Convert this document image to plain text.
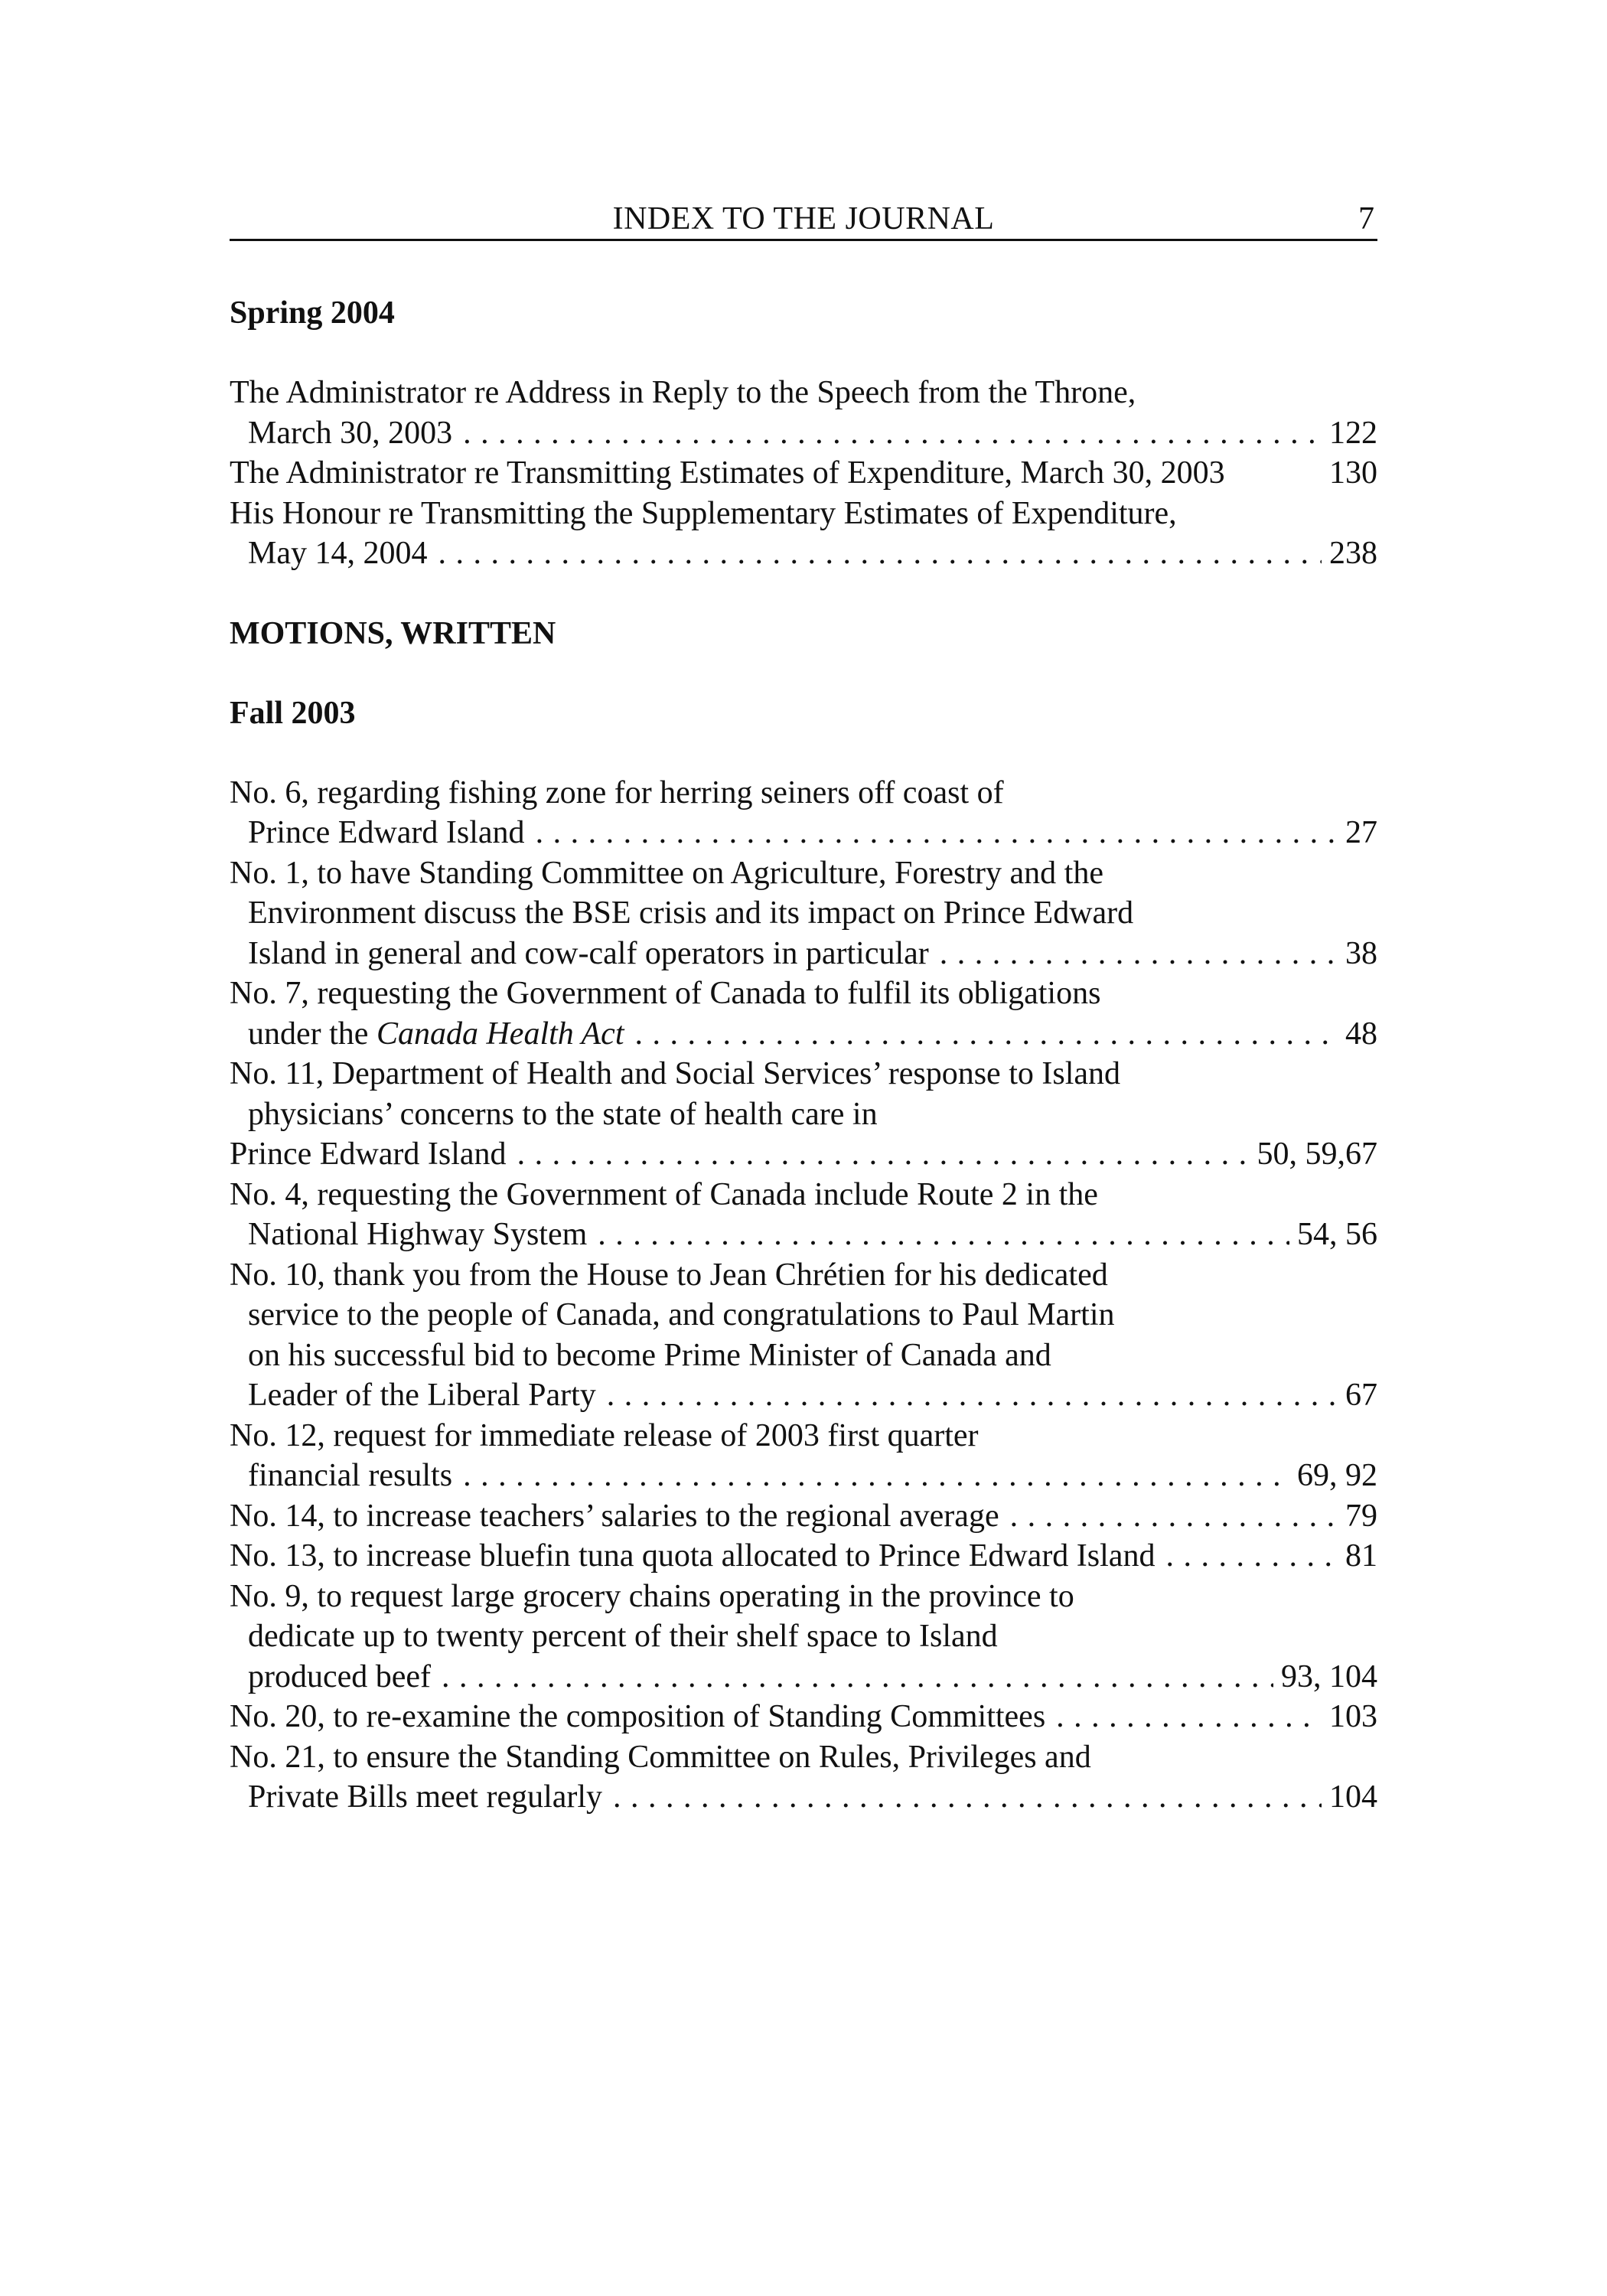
INDEX TO THE JOURNAL	7
Spring 2004
The Administrator re Address in Reply to the Speech from the Throne,
March 30, 2003 . . .	122
The Administrator re Transmitting Estimates of Expenditure, March 30, 2003	130
His Honour re Transmitting the Supplementary Estimates of Expenditure,
May 14, 2004 . . .	238
MOTIONS, WRITTEN
Fall 2003
No. 6, regarding fishing zone for herring seiners off coast of
Prince Edward Island . . .	27
No. 1, to have Standing Committee on Agriculture, Forestry and the
Environment discuss the BSE crisis and its impact on Prince Edward
Island in general and cow-calf operators in particular . . .	38
No. 7, requesting the Government of Canada to fulfil its obligations
under the Canada Health Act . . .	48
No. 11, Department of Health and Social Services’ response to Island
physicians’ concerns to the state of health care in
Prince Edward Island . . .	50, 59,67
No. 4, requesting the Government of Canada include Route 2 in the
National Highway System . . .	54, 56
No. 10, thank you from the House to Jean Chrétien for his dedicated
service to the people of Canada, and congratulations to Paul Martin
on his successful bid to become Prime Minister of Canada and
Leader of the Liberal Party . . .	67
No. 12, request for immediate release of 2003 first quarter
financial results . . .	69, 92
No. 14, to increase teachers’ salaries to the regional average . . .	79
No. 13, to increase bluefin tuna quota allocated to Prince Edward Island . . .	81
No. 9, to request large grocery chains operating in the province to
dedicate up to twenty percent of their shelf space to Island
produced beef . . .	93, 104
No. 20, to re-examine the composition of Standing Committees . . .	103
No. 21, to ensure the Standing Committee on Rules, Privileges and
Private Bills meet regularly . . .	104
